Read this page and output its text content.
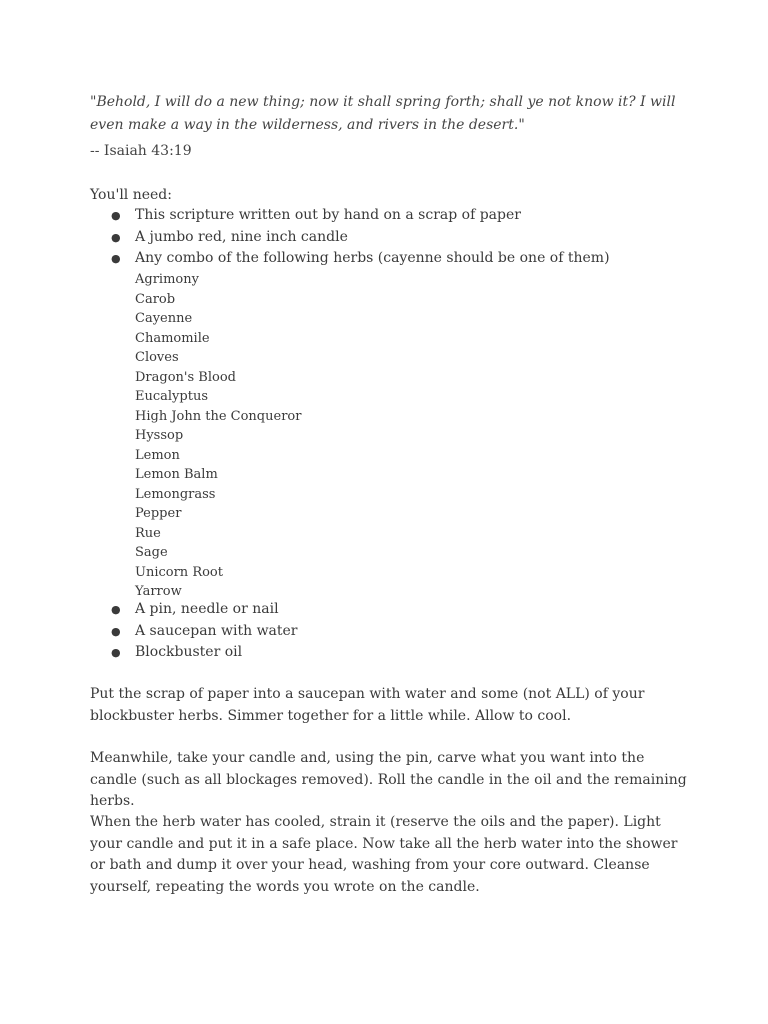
"Behold, I will do a new thing; now it shall spring forth; shall ye not know it? I will even make a way in the wilderness, and rivers in the desert."
-- Isaiah 43:19
You'll need:
● This scripture written out by hand on a scrap of paper
● A jumbo red, nine inch candle
● Any combo of the following herbs (cayenne should be one of them)
Agrimony
Carob
Cayenne
Chamomile
Cloves
Dragon's Blood
Eucalyptus
High John the Conqueror
Hyssop
Lemon
Lemon Balm
Lemongrass
Pepper
Rue
Sage
Unicorn Root
Yarrow
● A pin, needle or nail
● A saucepan with water
● Blockbuster oil

Put the scrap of paper into a saucepan with water and some (not ALL) of your blockbuster herbs. Simmer together for a little while. Allow to cool.

Meanwhile, take your candle and, using the pin, carve what you want into the candle (such as all blockages removed). Roll the candle in the oil and the remaining herbs.

When the herb water has cooled, strain it (reserve the oils and the paper). Light your candle and put it in a safe place. Now take all the herb water into the shower or bath and dump it over your head, washing from your core outward. Cleanse yourself, repeating the words you wrote on the candle.
